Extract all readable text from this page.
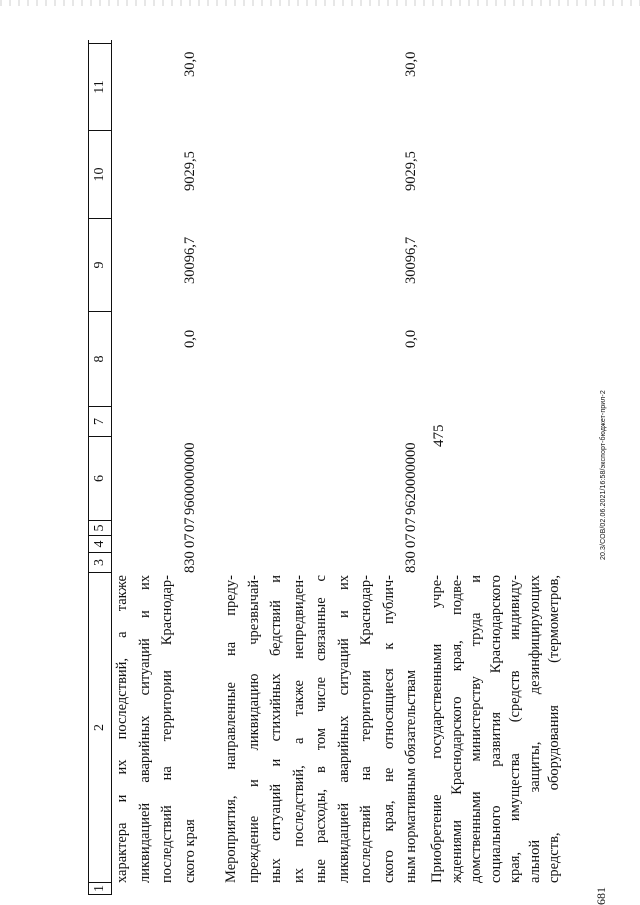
475
681
20.3/СОВ/02.06.2021/16:58/экспорт-бюджет-прил-2
1
2
3
4
5
6
7
8
9
10
11
характера и их последствий, а также ликвидацией аварийных ситуаций и их последствий на территории Краснодар- ского края
830
07
07
9600000000
0,0
30096,7
9029,5
30,0
Мероприятия, направленные на преду- преждение и ликвидацию чрезвычай- ных ситуаций и стихийных бедствий и их последствий, а также непредвиден- ные расходы, в том числе связанные с ликвидацией аварийных ситуаций и их последствий на территории Краснодар- ского края, не относящиеся к публич- ным нормативным обязательствам
830
07
07
9620000000
0,0
30096,7
9029,5
30,0
Приобретение государственными учре- ждениями Краснодарского края, подве- домственными министерству труда и социального развития Краснодарского края, имущества (средств индивиду- альной защиты, дезинфицирующих средств, оборудования (термометров,
